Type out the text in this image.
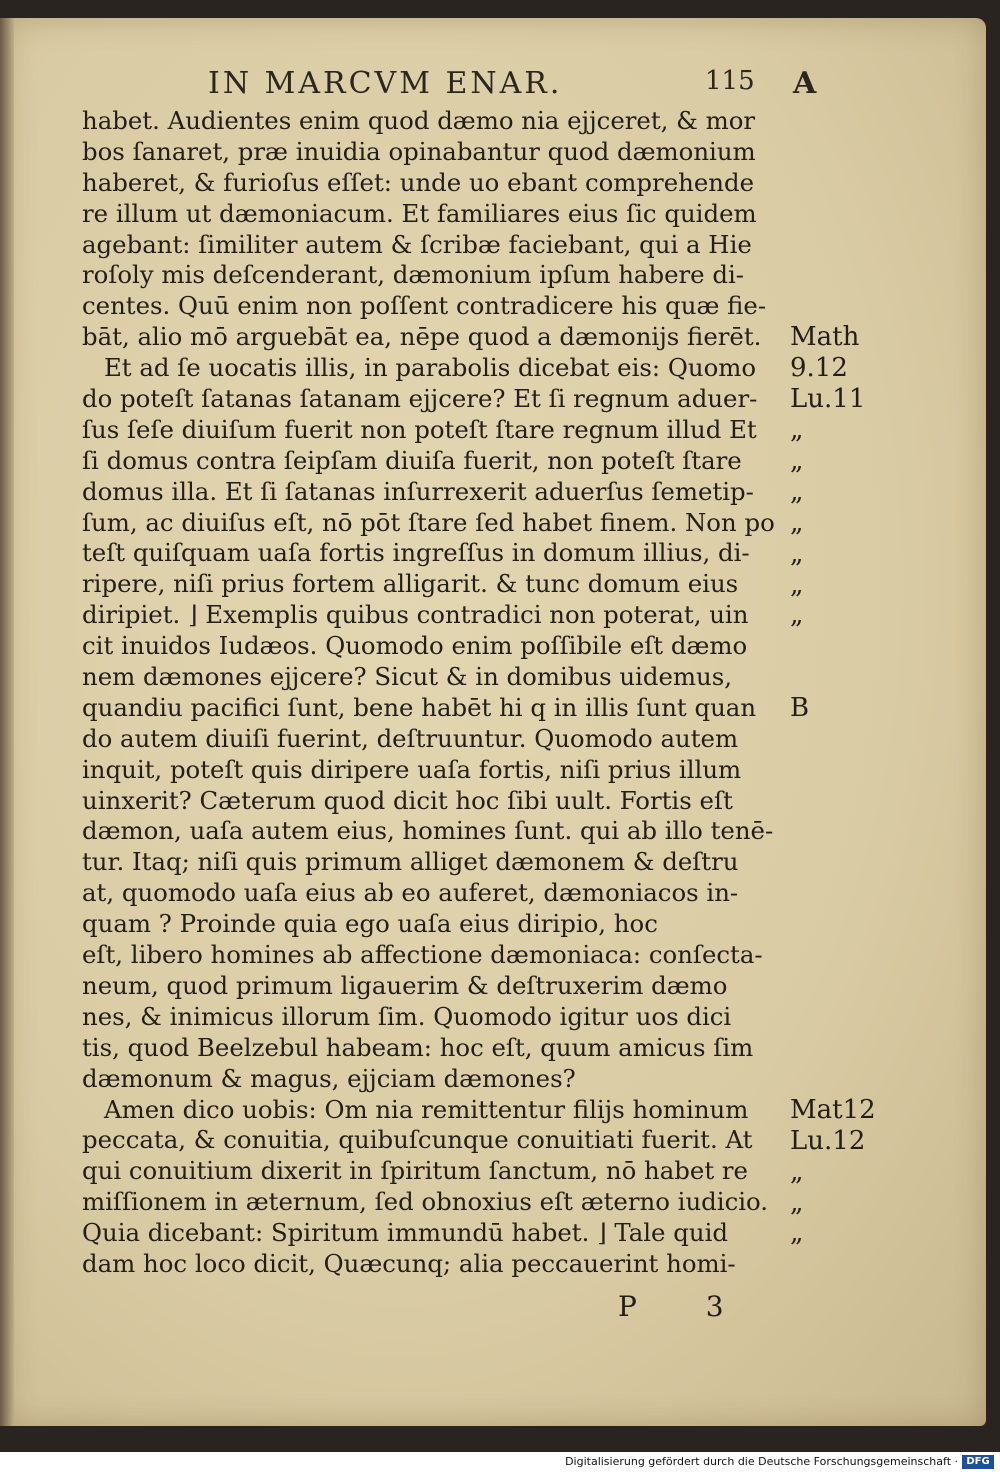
IN MARCVM ENAR.	115 A
habet. Audientes enim quod dæmo nia ejjceret, & mor
bos ſanaret, præ inuidia opinabantur quod dæmonium
haberet, & furioſus eſſet: unde uo ebant comprehende
re illum ut dæmoniacum. Et familiares eius ſic quidem
agebant: ſimiliter autem & ſcribæ faciebant, qui a Hie
roſoly mis deſcenderant, dæmonium ipſum habere di-
centes. Quū enim non poſſent contradicere his quæ fie-
bāt, alio mō arguebāt ea, nēpe quod a dæmonijs fierēt.
Et ad ſe uocatis illis, in parabolis dicebat eis: Quomo
do poteſt ſatanas ſatanam ejjcere? Et ſi regnum aduer-
ſus ſeſe diuiſum fuerit non poteſt ſtare regnum illud Et
ſi domus contra ſeipſam diuiſa fuerit, non poteſt ſtare
domus illa. Et ſi ſatanas inſurrexerit aduerſus ſemetip-
ſum, ac diuiſus eſt, nō pōt ſtare ſed habet finem. Non po
teſt quiſquam uaſa fortis ingreſſus in domum illius, di-
ripere, niſi prius fortem alligarit. & tunc domum eius
diripiet. ⌋ Exemplis quibus contradici non poterat, uin
cit inuidos Iudæos. Quomodo enim poſſibile eſt dæmo
nem dæmones ejjcere? Sicut & in domibus uidemus,
quandiu pacifici ſunt, bene habēt hi q in illis ſunt quan
do autem diuiſi fuerint, deſtruuntur. Quomodo autem
inquit, poteſt quis diripere uaſa fortis, niſi prius illum
uinxerit? Cæterum quod dicit hoc ſibi uult. Fortis eſt
dæmon, uaſa autem eius, homines ſunt. qui ab illo tenē-
tur. Itaq; niſi quis primum alliget dæmonem & deſtru
at, quomodo uaſa eius ab eo auferet, dæmoniacos in-
quam ? Proinde quia ego uaſa eius diripio, hoc
eſt, libero homines ab affectione dæmoniaca: conſecta-
neum, quod primum ligauerim & deſtruxerim dæmo
nes, & inimicus illorum ſim. Quomodo igitur uos dici
tis, quod Beelzebul habeam: hoc eſt, quum amicus ſim
dæmonum & magus, ejjciam dæmones?
Amen dico uobis: Om nia remittentur filijs hominum
peccata, & conuitia, quibuſcunque conuitiati fuerit. At
qui conuitium dixerit in ſpiritum ſanctum, nō habet re
miſſionem in æternum, ſed obnoxius eſt æterno iudicio.
Quia dicebant: Spiritum immundū habet. ⌋ Tale quid
dam hoc loco dicit, Quæcunq; alia peccauerint homi-
Math
9.12
Lu.11
„
„
„
„
„
„
„
B
Mat12
Lu.12
„
„
„
P 3
Digitalisierung gefördert durch die Deutsche Forschungsgemeinschaft · DFG
